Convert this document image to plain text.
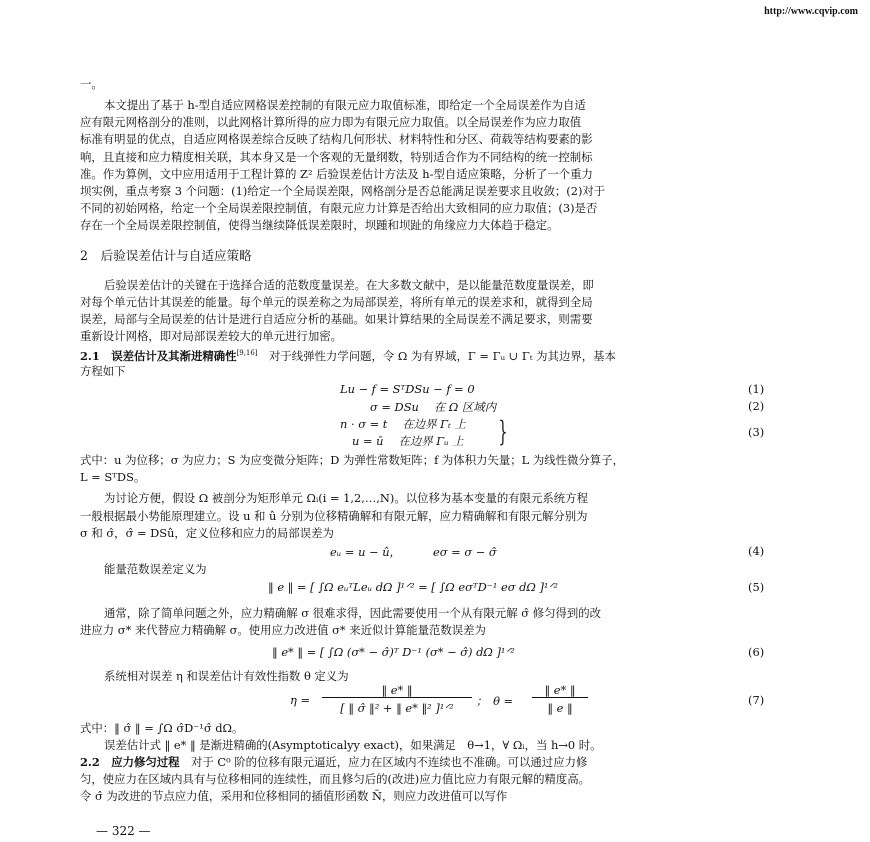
http://www.cqvip.com
一。
本文提出了基于 h-型自适应网格误差控制的有限元应力取值标准，即给定一个全局误差作为自适
应有限元网格剖分的准则，以此网格计算所得的应力即为有限元应力取值。以全局误差作为应力取值
标准有明显的优点，自适应网格误差综合反映了结构几何形状、材料特性和分区、荷载等结构要素的影
响，且直接和应力精度相关联，其本身又是一个客观的无量纲数，特别适合作为不同结构的统一控制标
准。作为算例，文中应用适用于工程计算的 Z² 后验误差估计方法及 h-型自适应策略，分析了一个重力
坝实例，重点考察 3 个问题：(1)给定一个全局误差限，网格剖分是否总能满足误差要求且收敛；(2)对于
不同的初始网格，给定一个全局误差限控制值，有限元应力计算是否给出大致相同的应力取值；(3)是否
存在一个全局误差限控制值，使得当继续降低误差限时，坝踵和坝趾的角缘应力大体趋于稳定。
2　后验误差估计与自适应策略
后验误差估计的关键在于选择合适的范数度量误差。在大多数文献中，是以能量范数度量误差，即
对每个单元估计其误差的能量。每个单元的误差称之为局部误差，将所有单元的误差求和，就得到全局
误差，局部与全局误差的估计是进行自适应分析的基础。如果计算结果的全局误差不满足要求，则需要
重新设计网格，即对局部误差较大的单元进行加密。
2.1　误差估计及其渐进精确性[9,16]　对于线弹性力学问题，令 Ω 为有界域，Γ = Γᵤ ∪ Γₜ 为其边界，基本
方程如下
Lu − f = SᵀDSu − f = 0	(1)
σ = DSu　 在 Ω 区域内	(2)
n · σ = t　 在边界 Γₜ 上
u = ū　 在边界 Γᵤ 上 }	(3)
式中：u 为位移；σ 为应力；S 为应变微分矩阵；D 为弹性常数矩阵；f 为体积力矢量；L 为线性微分算子，
L = SᵀDS。
为讨论方便，假设 Ω 被剖分为矩形单元 Ωᵢ(i = 1,2,…,N)。以位移为基本变量的有限元系统方程
一般根据最小势能原理建立。设 u 和 û 分别为位移精确解和有限元解，应力精确解和有限元解分别为
σ 和 σ̂，σ̂ = DSû，定义位移和应力的局部误差为
eᵤ = u − û，　　　 eσ = σ − σ̂	(4)
能量范数误差定义为
‖ e ‖ = [ ∫Ω eᵤᵀLeᵤ dΩ ]¹ᐟ² = [ ∫Ω eσᵀD⁻¹ eσ dΩ ]¹ᐟ²	(5)
通常，除了简单问题之外，应力精确解 σ 很难求得，因此需要使用一个从有限元解 σ̂ 修匀得到的改
进应力 σ* 来代替应力精确解 σ。使用应力改进值 σ* 来近似计算能量范数误差为
‖ e* ‖ = [ ∫Ω (σ* − σ̂)ᵀ D⁻¹ (σ* − σ̂) dΩ ]¹ᐟ²	(6)
系统相对误差 η 和误差估计有效性指数 θ 定义为
η =
‖ e* ‖
[ ‖ σ̂ ‖² + ‖ e* ‖² ]¹ᐟ²	；　θ =
‖ e* ‖
‖ e ‖
(7)
式中：‖ σ̂ ‖ = ∫Ω σ̂D⁻¹σ̂ dΩ。
误差估计式 ‖ e* ‖ 是渐进精确的(Asymptoticalyy exact)，如果满足　θ→1，∀ Ωᵢ，当 h→0 时。
2.2　应力修匀过程　对于 C⁰ 阶的位移有限元逼近，应力在区域内不连续也不准确。可以通过应力修
匀，使应力在区域内具有与位移相同的连续性，而且修匀后的(改进)应力值比应力有限元解的精度高。
令 σ̂ 为改进的节点应力值，采用和位移相同的插值形函数 N̄，则应力改进值可以写作
— 322 —
